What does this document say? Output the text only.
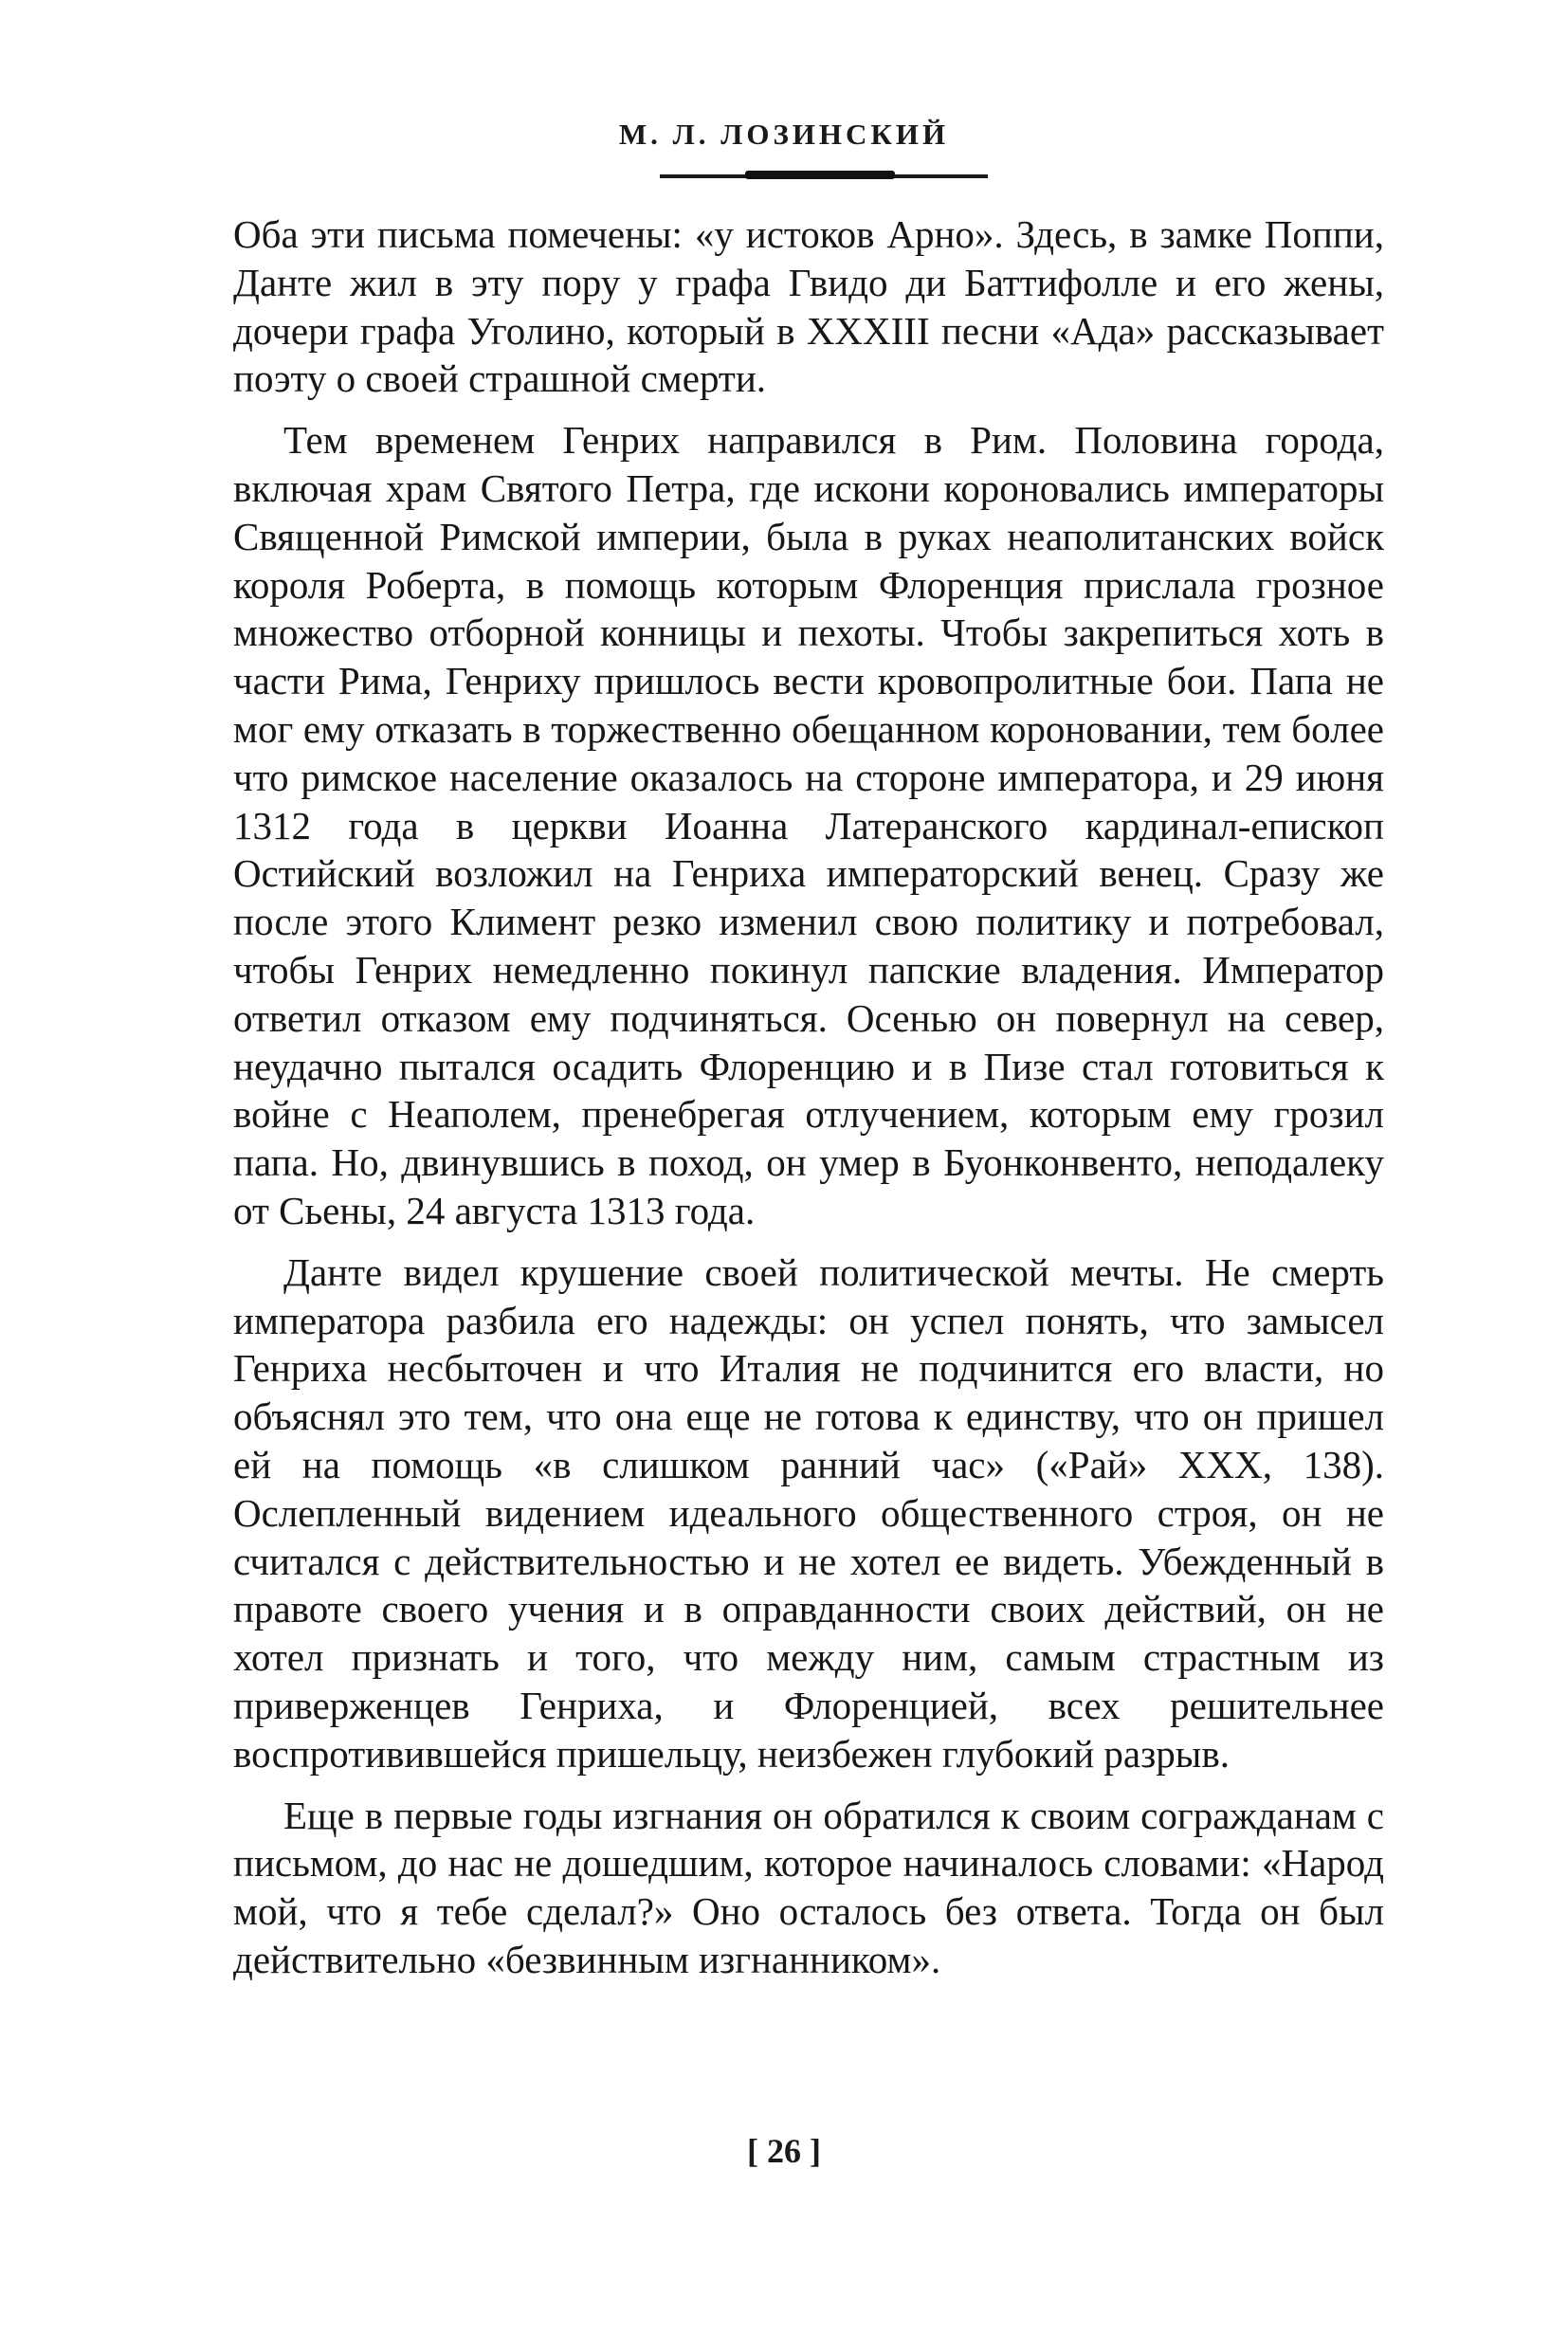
М. Л. ЛОЗИНСКИЙ

Оба эти письма помечены: «у истоков Арно». Здесь, в замке Поппи, Данте жил в эту пору у графа Гвидо ди Баттифолле и его жены, дочери графа Уголино, который в XXXIII песни «Ада» рассказывает поэту о своей страшной смерти.

Тем временем Генрих направился в Рим. Половина города, включая храм Святого Петра, где искони короновались императоры Священной Римской империи, была в руках неаполитанских войск короля Роберта, в помощь которым Флоренция прислала грозное множество отборной конницы и пехоты. Чтобы закрепиться хоть в части Рима, Генриху пришлось вести кровопролитные бои. Папа не мог ему отказать в торжественно обещанном короновании, тем более что римское население оказалось на стороне императора, и 29 июня 1312 года в церкви Иоанна Латеранского кардинал-епископ Остийский возложил на Генриха императорский венец. Сразу же после этого Климент резко изменил свою политику и потребовал, чтобы Генрих немедленно покинул папские владения. Император ответил отказом ему подчиняться. Осенью он повернул на север, неудачно пытался осадить Флоренцию и в Пизе стал готовиться к войне с Неаполем, пренебрегая отлучением, которым ему грозил папа. Но, двинувшись в поход, он умер в Буонконвенто, неподалеку от Сьены, 24 августа 1313 года.

Данте видел крушение своей политической мечты. Не смерть императора разбила его надежды: он успел понять, что замысел Генриха несбыточен и что Италия не подчинится его власти, но объяснял это тем, что она еще не готова к единству, что он пришел ей на помощь «в слишком ранний час» («Рай» XXX, 138). Ослепленный видением идеального общественного строя, он не считался с действительностью и не хотел ее видеть. Убежденный в правоте своего учения и в оправданности своих действий, он не хотел признать и того, что между ним, самым страстным из приверженцев Генриха, и Флоренцией, всех решительнее воспротивившейся пришельцу, неизбежен глубокий разрыв.

Еще в первые годы изгнания он обратился к своим согражданам с письмом, до нас не дошедшим, которое начиналось словами: «Народ мой, что я тебе сделал?» Оно осталось без ответа. Тогда он был действительно «безвинным изгнанником».

[ 26 ]
